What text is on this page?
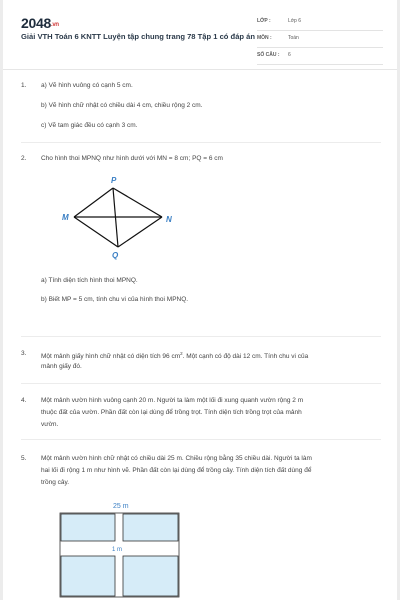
2048.vn
Giải VTH Toán 6 KNTT Luyện tập chung trang 78 Tập 1 có đáp án
LỚP :	Lớp 6
MÔN :	Toán
SỐ CÂU : 6
1. a) Vẽ hình vuông có cạnh 5 cm.
b) Vẽ hình chữ nhật có chiều dài 4 cm, chiều rộng 2 cm.
c) Vẽ tam giác đều có cạnh 3 cm.
2. Cho hình thoi MPNQ như hình dưới với MN = 8 cm; PQ = 6 cm
P
M	N
Q
a) Tính diện tích hình thoi MPNQ.
b) Biết MP = 5 cm, tính chu vi của hình thoi MPNQ.
3. Một mảnh giấy hình chữ nhật có diện tích 96 $cm^2$. Một cạnh có độ dài 12 cm. Tính chu vi của
mảnh giấy đó.
4. Một mảnh vườn hình vuông cạnh 20 m. Người ta làm một lối đi xung quanh vườn rộng 2 m
thuộc đất của vườn. Phần đất còn lại dùng để trồng trọt. Tính diện tích trồng trọt của mảnh
vườn.
5. Một mảnh vườn hình chữ nhật có chiều dài 25 m. Chiều rộng bằng 35 chiều dài. Người ta làm
hai lối đi rộng 1 m như hình vẽ. Phần đất còn lại dùng để trồng cây. Tính diện tích đất dùng để
trồng cây.
25 m
1 m
